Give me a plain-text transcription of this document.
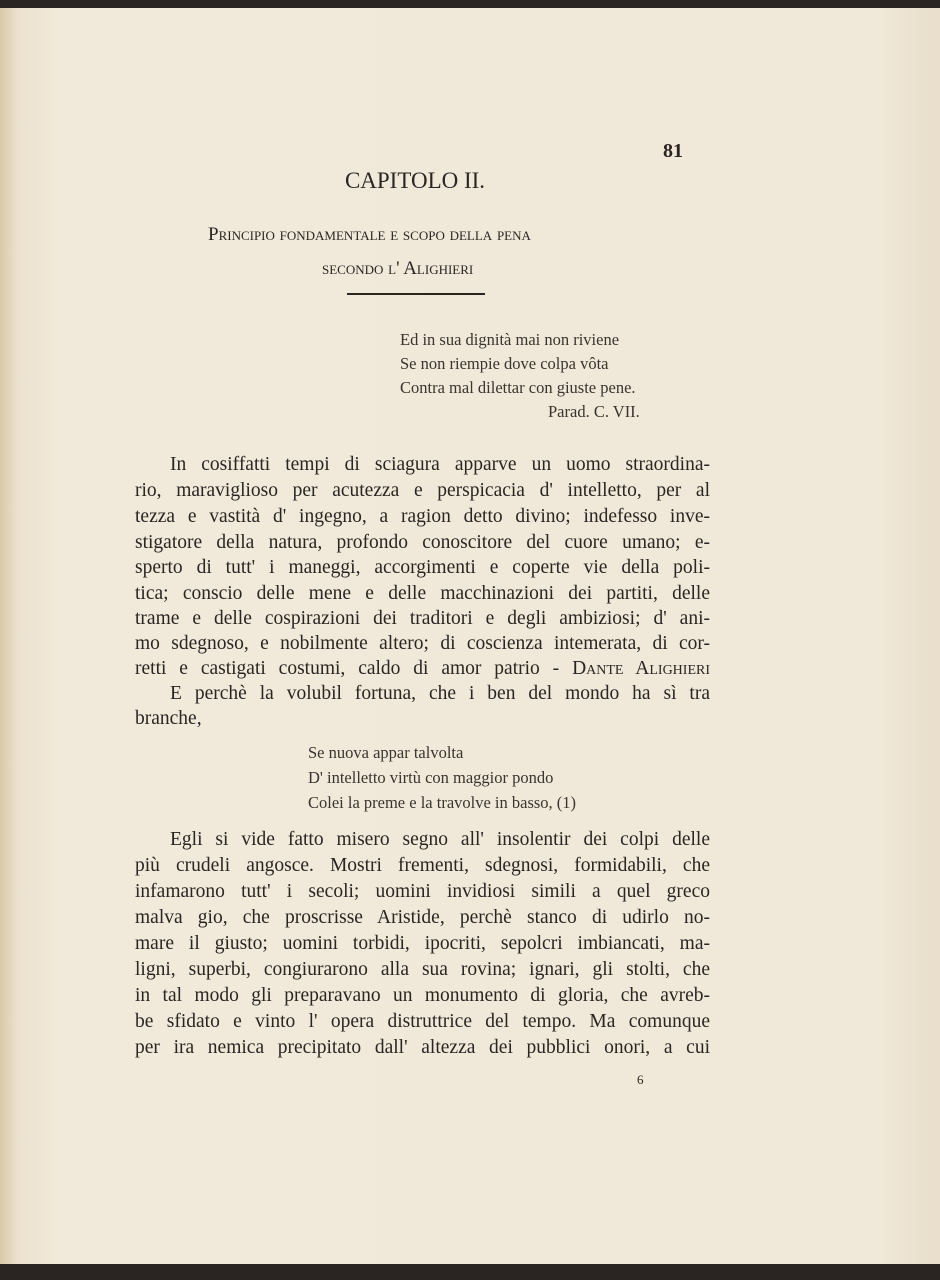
81
CAPITOLO II.
Principio fondamentale e scopo della pena
secondo l' Alighieri
Ed in sua dignità mai non riviene
Se non riempie dove colpa vôta
Contra mal dilettar con giuste pene.
Parad. C. VII.
In cosiffatti tempi di sciagura apparve un uomo straordina-
rio, maraviglioso per acutezza e perspicacia d' intelletto, per al
tezza e vastità d' ingegno, a ragion detto divino; indefesso inve-
stigatore della natura, profondo conoscitore del cuore umano; e-
sperto di tutt' i maneggi, accorgimenti e coperte vie della poli-
tica; conscio delle mene e delle macchinazioni dei partiti, delle
trame e delle cospirazioni dei traditori e degli ambiziosi; d' ani-
mo sdegnoso, e nobilmente altero; di coscienza intemerata, di cor-
retti e castigati costumi, caldo di amor patrio - Dante Alighieri
E perchè la volubil fortuna, che i ben del mondo ha sì tra
branche,
Se nuova appar talvolta
D' intelletto virtù con maggior pondo
Colei la preme e la travolve in basso, (1)
Egli si vide fatto misero segno all' insolentir dei colpi delle
più crudeli angosce. Mostri frementi, sdegnosi, formidabili, che
infamarono tutt' i secoli; uomini invidiosi simili a quel greco
malva gio, che proscrisse Aristide, perchè stanco di udirlo no-
mare il giusto; uomini torbidi, ipocriti, sepolcri imbiancati, ma-
ligni, superbi, congiurarono alla sua rovina; ignari, gli stolti, che
in tal modo gli preparavano un monumento di gloria, che avreb-
be sfidato e vinto l' opera distruttrice del tempo. Ma comunque
per ira nemica precipitato dall' altezza dei pubblici onori, a cui
6
